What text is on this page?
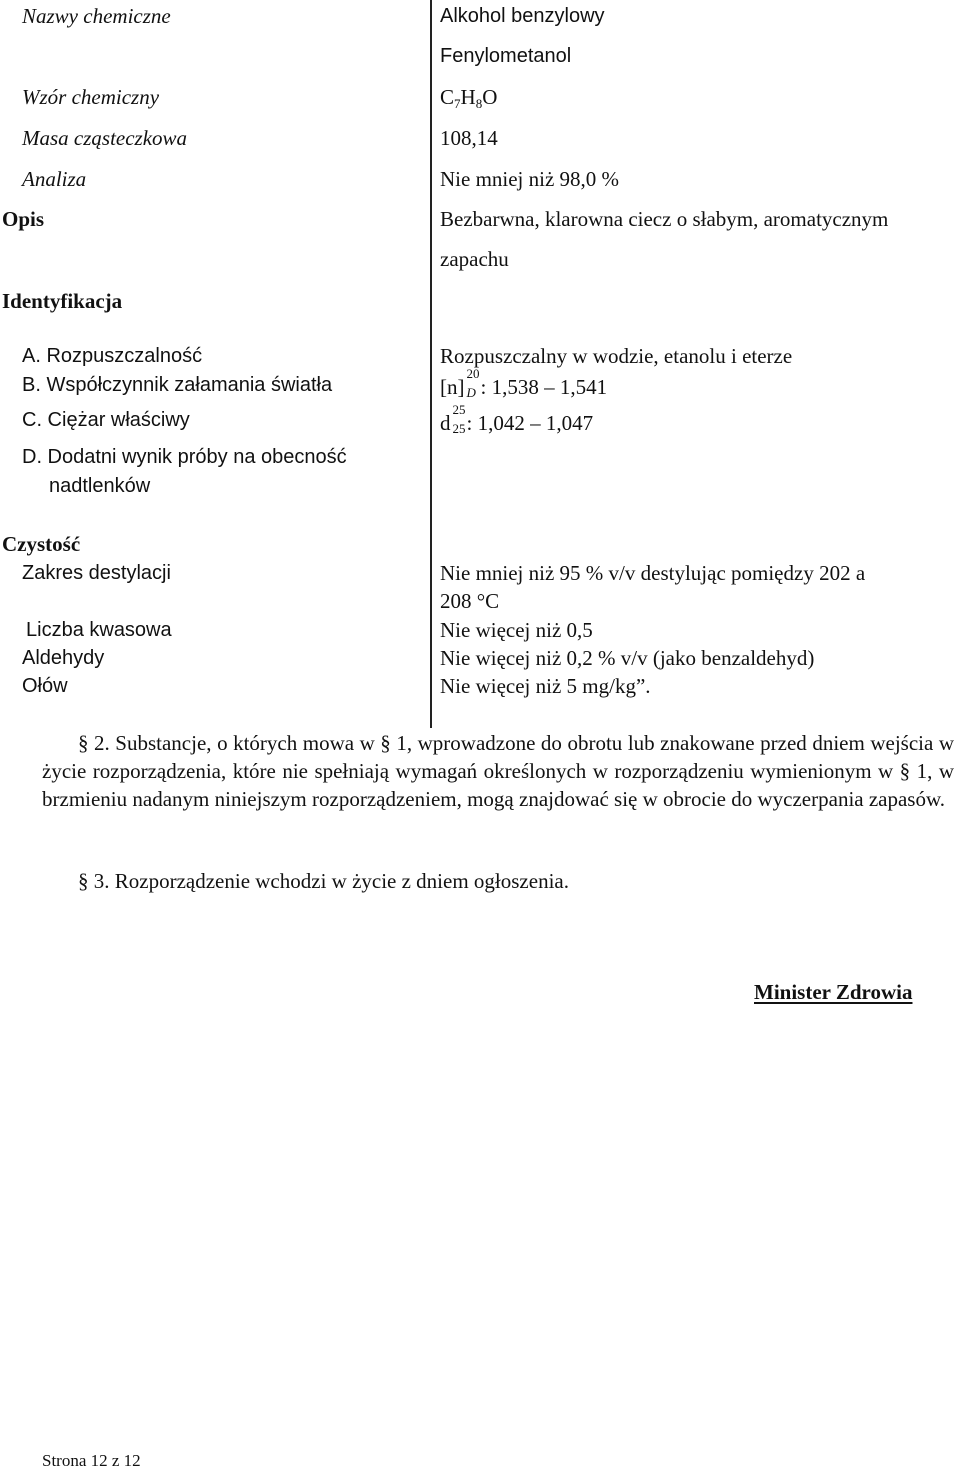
Nazwy chemiczne
Wzór chemiczny
Masa cząsteczkowa
Analiza
Opis
Identyfikacja
A. Rozpuszczalność
B. Współczynnik załamania światła
C. Ciężar właściwy
D. Dodatni wynik próby na obecność
nadtlenków
Czystość
Zakres destylacji
Liczba kwasowa
Aldehydy
Ołów
Alkohol benzylowy
Fenylometanol
$C_7H_8O$
108,14
Nie mniej niż 98,0 %
Bezbarwna, klarowna ciecz o słabym, aromatycznym
zapachu
Rozpuszczalny w wodzie, etanolu i eterze
[n]
20
D : 1,538 – 1,541
d
25
25 : 1,042 – 1,047
Nie mniej niż 95 % v/v destylując pomiędzy 202 a
208 °C
Nie więcej niż 0,5
Nie więcej niż 0,2 % v/v (jako benzaldehyd)
Nie więcej niż 5 mg/kg”.
§ 2. Substancje, o których mowa w § 1, wprowadzone do obrotu lub znakowane przed dniem wejścia w życie rozporządzenia, które nie spełniają wymagań określonych w rozporządzeniu wymienionym w § 1, w brzmieniu nadanym niniejszym rozporządzeniem, mogą znajdować się w obrocie do wyczerpania zapasów.
§ 3. Rozporządzenie wchodzi w życie z dniem ogłoszenia.
Minister Zdrowia
Strona 12 z 12
